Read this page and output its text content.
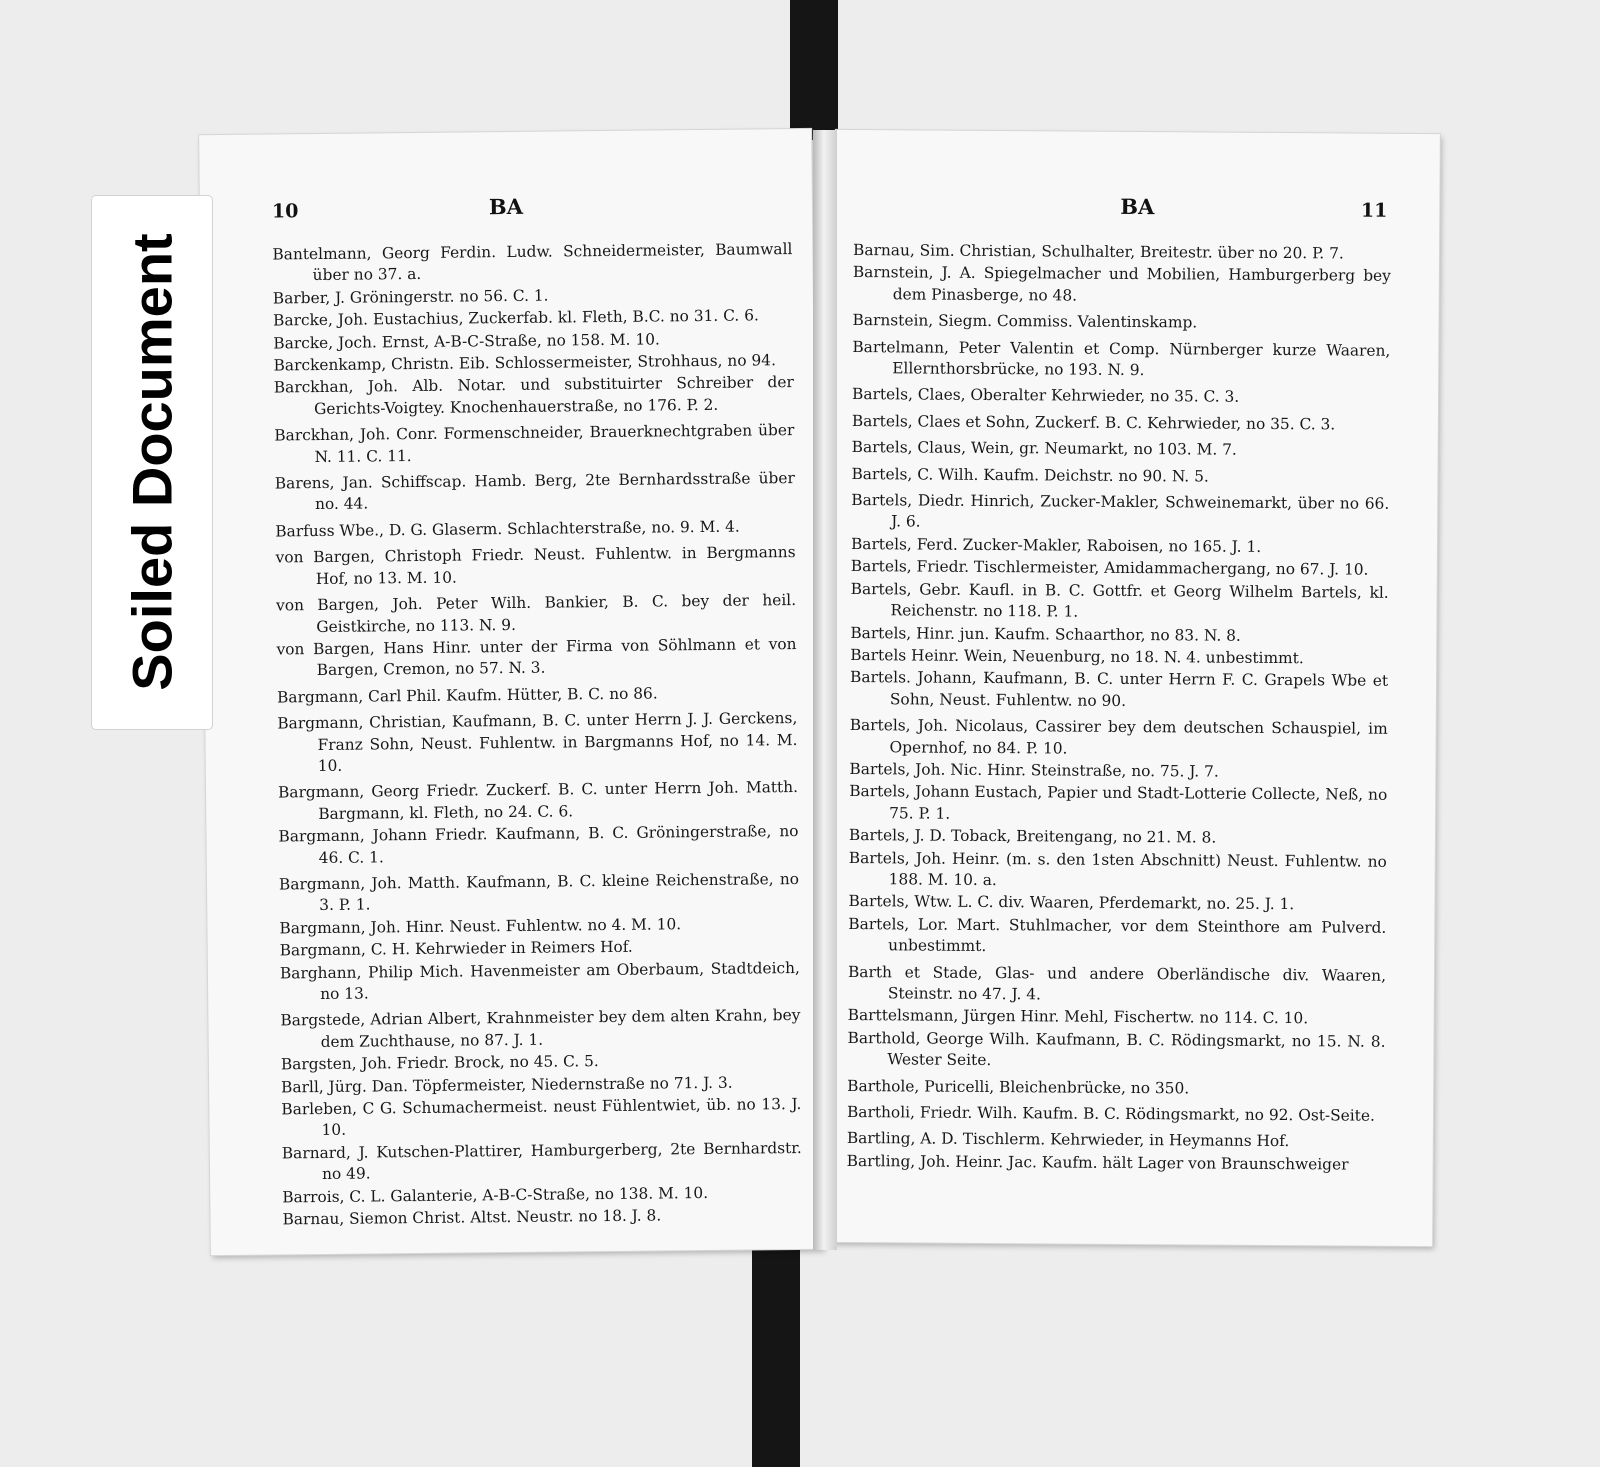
10	BA
Bantelmann, Georg Ferdin. Ludw. Schneidermeister, Baumwall über no 37. a.
Barber, J. Gröningerstr. no 56. C. 1.
Barcke, Joh. Eustachius, Zuckerfab. kl. Fleth, B.C. no 31. C. 6.
Barcke, Joch. Ernst, A-B-C-Straße, no 158. M. 10.
Barckenkamp, Christn. Eib. Schlossermeister, Strohhaus, no 94.
Barckhan, Joh. Alb. Notar. und substituirter Schreiber der Gerichts-Voigtey. Knochenhauerstraße, no 176. P. 2.
Barckhan, Joh. Conr. Formenschneider, Brauerknechtgraben über N. 11. C. 11.
Barens, Jan. Schiffscap. Hamb. Berg, 2te Bernhardsstraße über no. 44.
Barfuss Wbe., D. G. Glaserm. Schlachterstraße, no. 9. M. 4.
von Bargen, Christoph Friedr. Neust. Fuhlentw. in Bergmanns Hof, no 13. M. 10.
von Bargen, Joh. Peter Wilh. Bankier, B. C. bey der heil. Geistkirche, no 113. N. 9.
von Bargen, Hans Hinr. unter der Firma von Söhlmann et von Bargen, Cremon, no 57. N. 3.
Bargmann, Carl Phil. Kaufm. Hütter, B. C. no 86.
Bargmann, Christian, Kaufmann, B. C. unter Herrn J. J. Gerckens, Franz Sohn, Neust. Fuhlentw. in Bargmanns Hof, no 14. M. 10.
Bargmann, Georg Friedr. Zuckerf. B. C. unter Herrn Joh. Matth. Bargmann, kl. Fleth, no 24. C. 6.
Bargmann, Johann Friedr. Kaufmann, B. C. Gröningerstraße, no 46. C. 1.
Bargmann, Joh. Matth. Kaufmann, B. C. kleine Reichenstraße, no 3. P. 1.
Bargmann, Joh. Hinr. Neust. Fuhlentw. no 4. M. 10.
Bargmann, C. H. Kehrwieder in Reimers Hof.
Barghann, Philip Mich. Havenmeister am Oberbaum, Stadtdeich, no 13.
Bargstede, Adrian Albert, Krahnmeister bey dem alten Krahn, bey dem Zuchthause, no 87. J. 1.
Bargsten, Joh. Friedr. Brock, no 45. C. 5.
Barll, Jürg. Dan. Töpfermeister, Niedernstraße no 71. J. 3.
Barleben, C G. Schumachermeist. neust Fühlentwiet, üb. no 13. J. 10.
Barnard, J. Kutschen-Plattirer, Hamburgerberg, 2te Bernhardstr. no 49.
Barrois, C. L. Galanterie, A-B-C-Straße, no 138. M. 10.
Barnau, Siemon Christ. Altst. Neustr. no 18. J. 8.
BA	11
Barnau, Sim. Christian, Schulhalter, Breitestr. über no 20. P. 7.
Barnstein, J. A. Spiegelmacher und Mobilien, Hamburgerberg bey dem Pinasberge, no 48.
Barnstein, Siegm. Commiss. Valentinskamp.
Bartelmann, Peter Valentin et Comp. Nürnberger kurze Waaren, Ellernthorsbrücke, no 193. N. 9.
Bartels, Claes, Oberalter Kehrwieder, no 35. C. 3.
Bartels, Claes et Sohn, Zuckerf. B. C. Kehrwieder, no 35. C. 3.
Bartels, Claus, Wein, gr. Neumarkt, no 103. M. 7.
Bartels, C. Wilh. Kaufm. Deichstr. no 90. N. 5.
Bartels, Diedr. Hinrich, Zucker-Makler, Schweinemarkt, über no 66. J. 6.
Bartels, Ferd. Zucker-Makler, Raboisen, no 165. J. 1.
Bartels, Friedr. Tischlermeister, Amidammachergang, no 67. J. 10.
Bartels, Gebr. Kaufl. in B. C. Gottfr. et Georg Wilhelm Bartels, kl. Reichenstr. no 118. P. 1.
Bartels, Hinr. jun. Kaufm. Schaarthor, no 83. N. 8.
Bartels Heinr. Wein, Neuenburg, no 18. N. 4. unbestimmt.
Bartels. Johann, Kaufmann, B. C. unter Herrn F. C. Grapels Wbe et Sohn, Neust. Fuhlentw. no 90.
Bartels, Joh. Nicolaus, Cassirer bey dem deutschen Schauspiel, im Opernhof, no 84. P. 10.
Bartels, Joh. Nic. Hinr. Steinstraße, no. 75. J. 7.
Bartels, Johann Eustach, Papier und Stadt-Lotterie Collecte, Neß, no 75. P. 1.
Bartels, J. D. Toback, Breitengang, no 21. M. 8.
Bartels, Joh. Heinr. (m. s. den 1sten Abschnitt) Neust. Fuhlentw. no 188. M. 10. a.
Bartels, Wtw. L. C. div. Waaren, Pferdemarkt, no. 25. J. 1.
Bartels, Lor. Mart. Stuhlmacher, vor dem Steinthore am Pulverd. unbestimmt.
Barth et Stade, Glas- und andere Oberländische div. Waaren, Steinstr. no 47. J. 4.
Barttelsmann, Jürgen Hinr. Mehl, Fischertw. no 114. C. 10.
Barthold, George Wilh. Kaufmann, B. C. Rödingsmarkt, no 15. N. 8. Wester Seite.
Barthole, Puricelli, Bleichenbrücke, no 350.
Bartholi, Friedr. Wilh. Kaufm. B. C. Rödingsmarkt, no 92. Ost-Seite.
Bartling, A. D. Tischlerm. Kehrwieder, in Heymanns Hof.
Bartling, Joh. Heinr. Jac. Kaufm. hält Lager von Braunschweiger
Soiled Document
